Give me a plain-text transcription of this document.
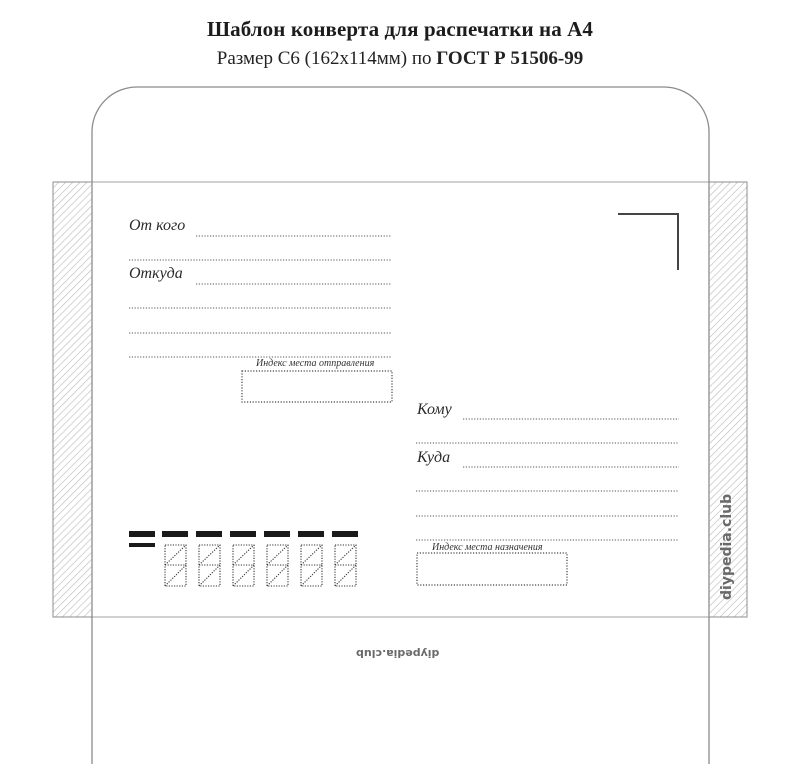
Шаблон конверта для распечатки на А4
Размер С6 (162х114мм) по ГОСТ Р 51506-99
От кого
Откуда
Индекс места отправления
Кому
Куда
Индекс места назначения	diypedia.club
diypedia.club
